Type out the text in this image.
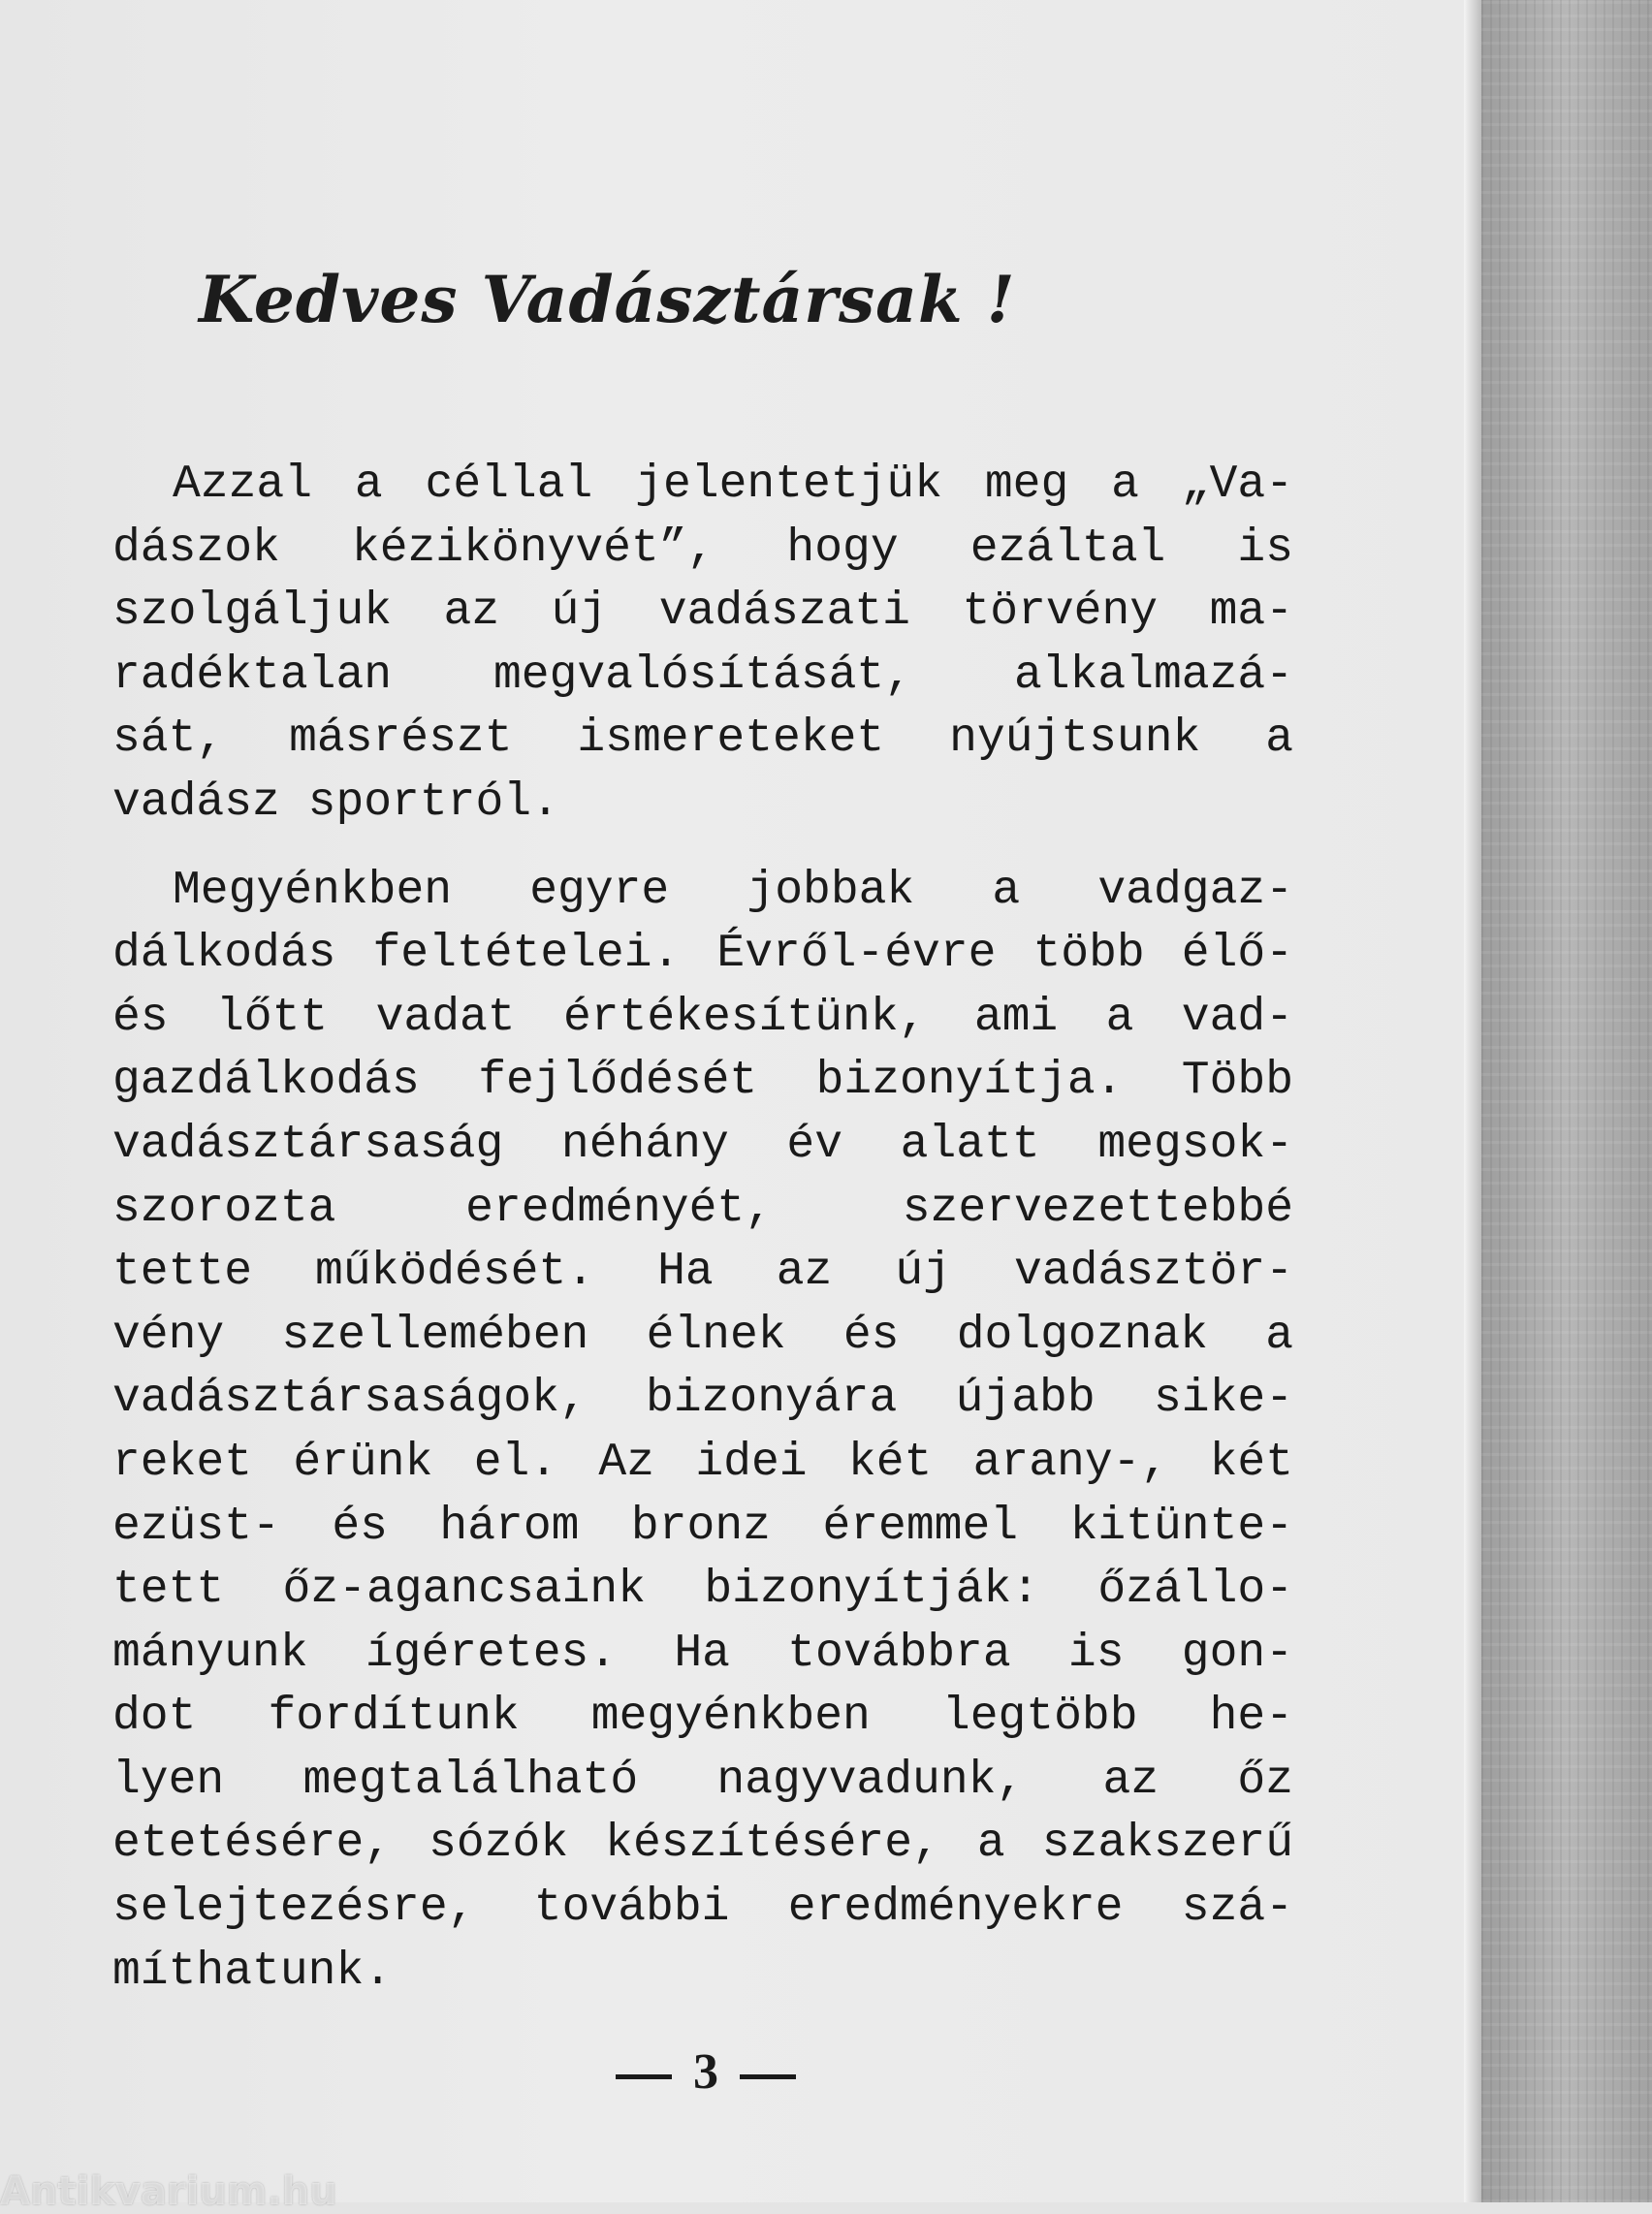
Kedves Vadásztársak !

Azzal a céllal jelentetjük meg a „Va-
dászok kézikönyvét”, hogy ezáltal is
szolgáljuk az új vadászati törvény ma-
radéktalan megvalósítását, alkalmazá-
sát, másrészt ismereteket nyújtsunk a
vadász sportról.

Megyénkben egyre jobbak a vadgaz-
dálkodás feltételei. Évről-évre több élő-
és lőtt vadat értékesítünk, ami a vad-
gazdálkodás fejlődését bizonyítja. Több
vadásztársaság néhány év alatt megsok-
szorozta eredményét, szervezettebbé
tette működését. Ha az új vadásztör-
vény szellemében élnek és dolgoznak a
vadásztársaságok, bizonyára újabb sike-
reket érünk el. Az idei két arany-, két
ezüst- és három bronz éremmel kitünte-
tett őz-agancsaink bizonyítják: őzállo-
mányunk ígéretes. Ha továbbra is gon-
dot fordítunk megyénkben legtöbb he-
lyen megtalálható nagyvadunk, az őz
etetésére, sózók készítésére, a szakszerű
selejtezésre, további eredményekre szá-
míthatunk.

3
Antikvarium.hu
